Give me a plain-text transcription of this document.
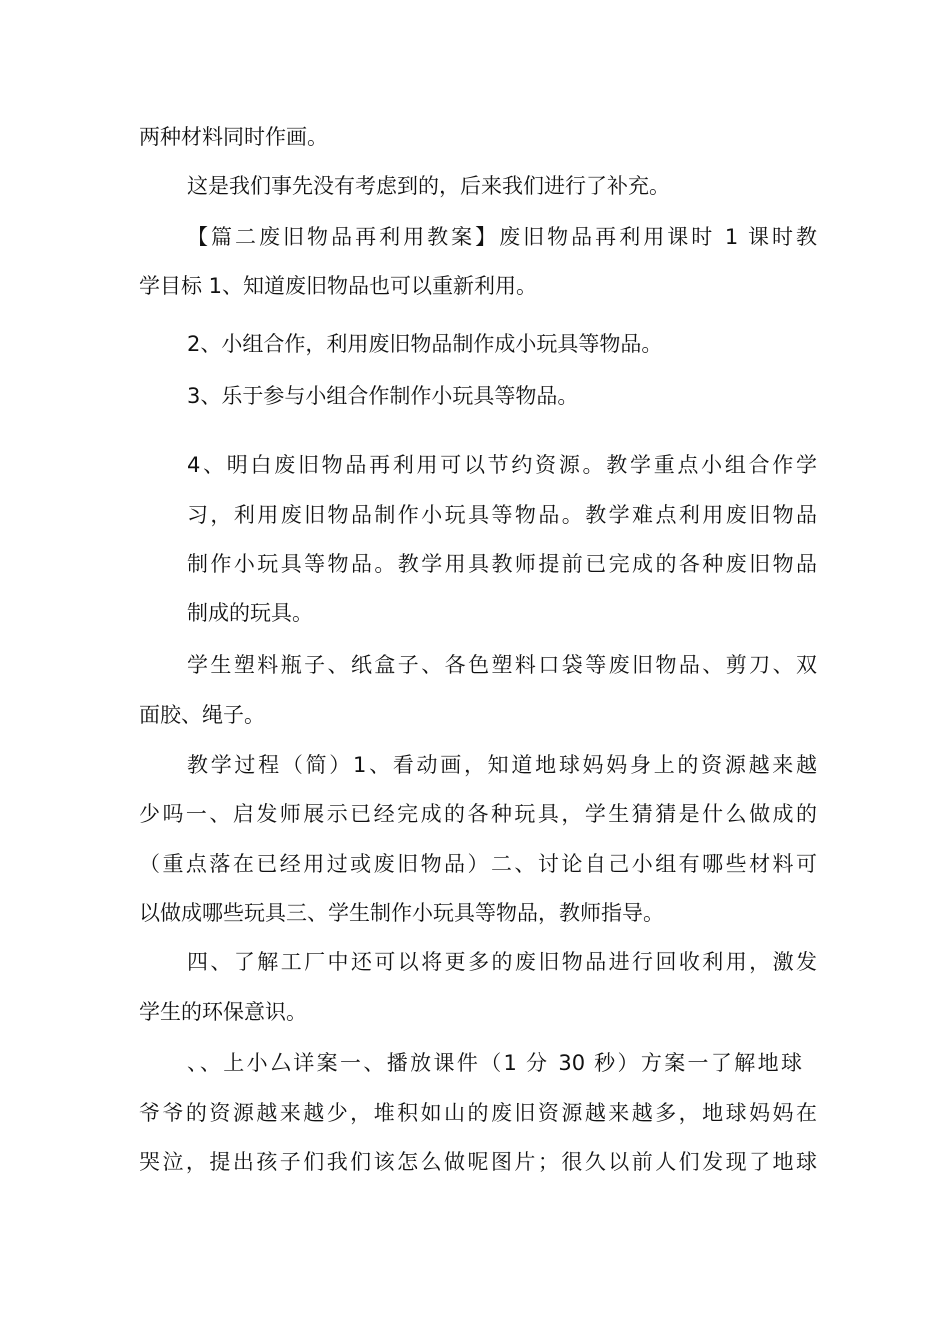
两种材料同时作画。

这是我们事先没有考虑到的，后来我们进行了补充。

【篇二废旧物品再利用教案】废旧物品再利用课时 1 课时教

学目标 1、知道废旧物品也可以重新利用。

2、小组合作，利用废旧物品制作成小玩具等物品。

3、乐于参与小组合作制作小玩具等物品。

4、明白废旧物品再利用可以节约资源。教学重点小组合作学

习，利用废旧物品制作小玩具等物品。教学难点利用废旧物品

制作小玩具等物品。教学用具教师提前已完成的各种废旧物品

制成的玩具。

学生塑料瓶子、纸盒子、各色塑料口袋等废旧物品、剪刀、双

面胶、绳子。

教学过程（简）1、看动画，知道地球妈妈身上的资源越来越

少吗一、启发师展示已经完成的各种玩具，学生猜猜是什么做成的

（重点落在已经用过或废旧物品）二、讨论自己小组有哪些材料可

以做成哪些玩具三、学生制作小玩具等物品，教师指导。

四、了解工厂中还可以将更多的废旧物品进行回收利用，激发

学生的环保意识。

、、上小厶详案一、播放课件（1 分 30 秒）方案一了解地球

爷爷的资源越来越少，堆积如山的废旧资源越来越多，地球妈妈在

哭泣，提出孩子们我们该怎么做呢图片；很久以前人们发现了地球
